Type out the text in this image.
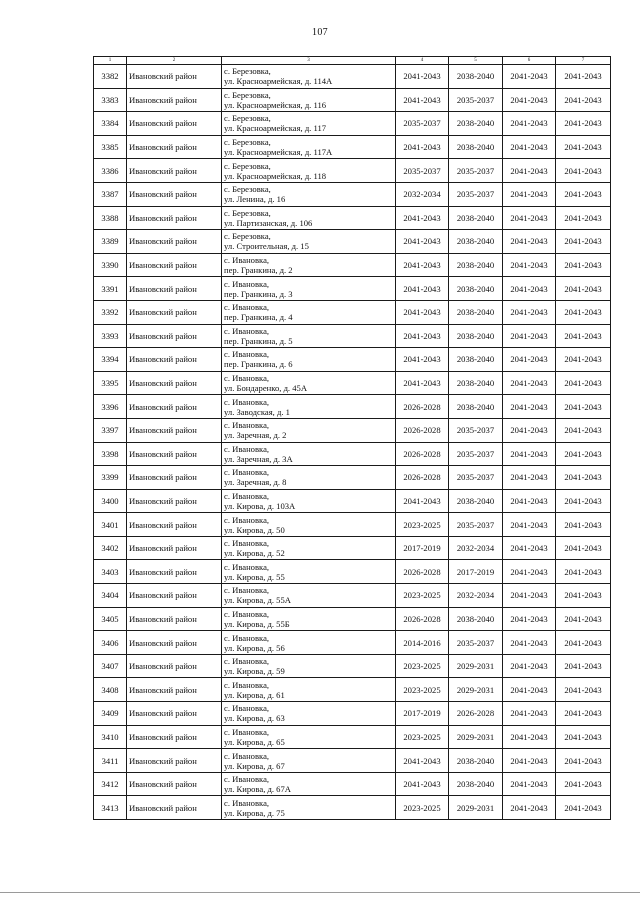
107
1	2	3	4	5	6	7
3382	Ивановский район	с. Березовка,
ул. Красноармейская, д. 114А	2041-2043	2038-2040	2041-2043	2041-2043
3383	Ивановский район	с. Березовка,
ул. Красноармейская, д. 116	2041-2043	2035-2037	2041-2043	2041-2043
3384	Ивановский район	с. Березовка,
ул. Красноармейская, д. 117	2035-2037	2038-2040	2041-2043	2041-2043
3385	Ивановский район	с. Березовка,
ул. Красноармейская, д. 117А	2041-2043	2038-2040	2041-2043	2041-2043
3386	Ивановский район	с. Березовка,
ул. Красноармейская, д. 118	2035-2037	2035-2037	2041-2043	2041-2043
3387	Ивановский район	с. Березовка,
ул. Ленина, д. 16	2032-2034	2035-2037	2041-2043	2041-2043
3388	Ивановский район	с. Березовка,
ул. Партизанская, д. 106	2041-2043	2038-2040	2041-2043	2041-2043
3389	Ивановский район	с. Березовка,
ул. Строительная, д. 15	2041-2043	2038-2040	2041-2043	2041-2043
3390	Ивановский район	с. Ивановка,
пер. Гранкина, д. 2	2041-2043	2038-2040	2041-2043	2041-2043
3391	Ивановский район	с. Ивановка,
пер. Гранкина, д. 3	2041-2043	2038-2040	2041-2043	2041-2043
3392	Ивановский район	с. Ивановка,
пер. Гранкина, д. 4	2041-2043	2038-2040	2041-2043	2041-2043
3393	Ивановский район	с. Ивановка,
пер. Гранкина, д. 5	2041-2043	2038-2040	2041-2043	2041-2043
3394	Ивановский район	с. Ивановка,
пер. Гранкина, д. 6	2041-2043	2038-2040	2041-2043	2041-2043
3395	Ивановский район	с. Ивановка,
ул. Бондаренко, д. 45А	2041-2043	2038-2040	2041-2043	2041-2043
3396	Ивановский район	с. Ивановка,
ул. Заводская, д. 1	2026-2028	2038-2040	2041-2043	2041-2043
3397	Ивановский район	с. Ивановка,
ул. Заречная, д. 2	2026-2028	2035-2037	2041-2043	2041-2043
3398	Ивановский район	с. Ивановка,
ул. Заречная, д. 3А	2026-2028	2035-2037	2041-2043	2041-2043
3399	Ивановский район	с. Ивановка,
ул. Заречная, д. 8	2026-2028	2035-2037	2041-2043	2041-2043
3400	Ивановский район	с. Ивановка,
ул. Кирова, д. 103А	2041-2043	2038-2040	2041-2043	2041-2043
3401	Ивановский район	с. Ивановка,
ул. Кирова, д. 50	2023-2025	2035-2037	2041-2043	2041-2043
3402	Ивановский район	с. Ивановка,
ул. Кирова, д. 52	2017-2019	2032-2034	2041-2043	2041-2043
3403	Ивановский район	с. Ивановка,
ул. Кирова, д. 55	2026-2028	2017-2019	2041-2043	2041-2043
3404	Ивановский район	с. Ивановка,
ул. Кирова, д. 55А	2023-2025	2032-2034	2041-2043	2041-2043
3405	Ивановский район	с. Ивановка,
ул. Кирова, д. 55Б	2026-2028	2038-2040	2041-2043	2041-2043
3406	Ивановский район	с. Ивановка,
ул. Кирова, д. 56	2014-2016	2035-2037	2041-2043	2041-2043
3407	Ивановский район	с. Ивановка,
ул. Кирова, д. 59	2023-2025	2029-2031	2041-2043	2041-2043
3408	Ивановский район	с. Ивановка,
ул. Кирова, д. 61	2023-2025	2029-2031	2041-2043	2041-2043
3409	Ивановский район	с. Ивановка,
ул. Кирова, д. 63	2017-2019	2026-2028	2041-2043	2041-2043
3410	Ивановский район	с. Ивановка,
ул. Кирова, д. 65	2023-2025	2029-2031	2041-2043	2041-2043
3411	Ивановский район	с. Ивановка,
ул. Кирова, д. 67	2041-2043	2038-2040	2041-2043	2041-2043
3412	Ивановский район	с. Ивановка,
ул. Кирова, д. 67А	2041-2043	2038-2040	2041-2043	2041-2043
3413	Ивановский район	с. Ивановка,
ул. Кирова, д. 75	2023-2025	2029-2031	2041-2043	2041-2043
